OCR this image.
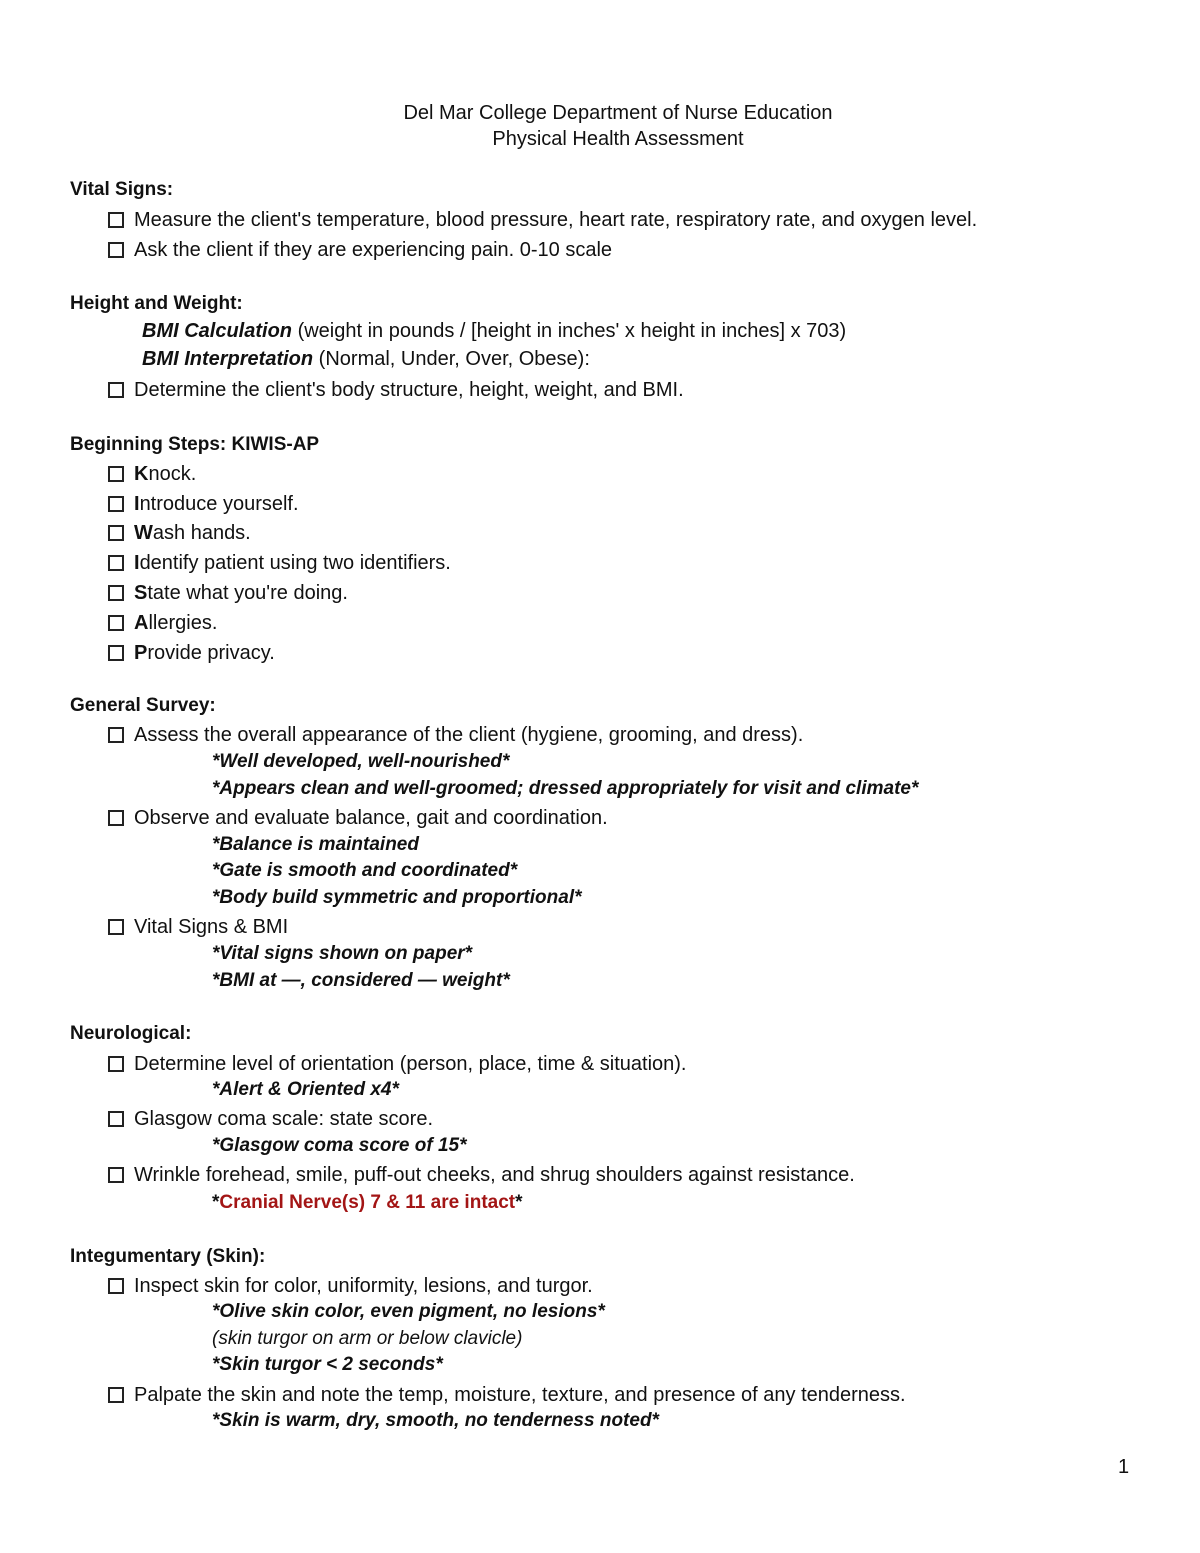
Del Mar College Department of Nurse Education
Physical Health Assessment
Vital Signs:
Measure the client's temperature, blood pressure, heart rate, respiratory rate, and oxygen level.
Ask the client if they are experiencing pain. 0-10 scale
Height and Weight:
BMI Calculation (weight in pounds / [height in inches' x height in inches] x 703)
BMI Interpretation (Normal, Under, Over, Obese):
Determine the client's body structure, height, weight, and BMI.
Beginning Steps: KIWIS-AP
Knock.
Introduce yourself.
Wash hands.
Identify patient using two identifiers.
State what you're doing.
Allergies.
Provide privacy.
General Survey:
Assess the overall appearance of the client (hygiene, grooming, and dress).
*Well developed, well-nourished*
*Appears clean and well-groomed; dressed appropriately for visit and climate*
Observe and evaluate balance, gait and coordination.
*Balance is maintained
*Gate is smooth and coordinated*
*Body build symmetric and proportional*
Vital Signs & BMI
*Vital signs shown on paper*
*BMI at —, considered — weight*
Neurological:
Determine level of orientation (person, place, time & situation).
*Alert & Oriented x4*
Glasgow coma scale: state score.
*Glasgow coma score of 15*
Wrinkle forehead, smile, puff-out cheeks, and shrug shoulders against resistance.
*Cranial Nerve(s) 7 & 11 are intact*
Integumentary (Skin):
Inspect skin for color, uniformity, lesions, and turgor.
*Olive skin color, even pigment, no lesions*
(skin turgor on arm or below clavicle)
*Skin turgor < 2 seconds*
Palpate the skin and note the temp, moisture, texture, and presence of any tenderness.
*Skin is warm, dry, smooth, no tenderness noted*
1
